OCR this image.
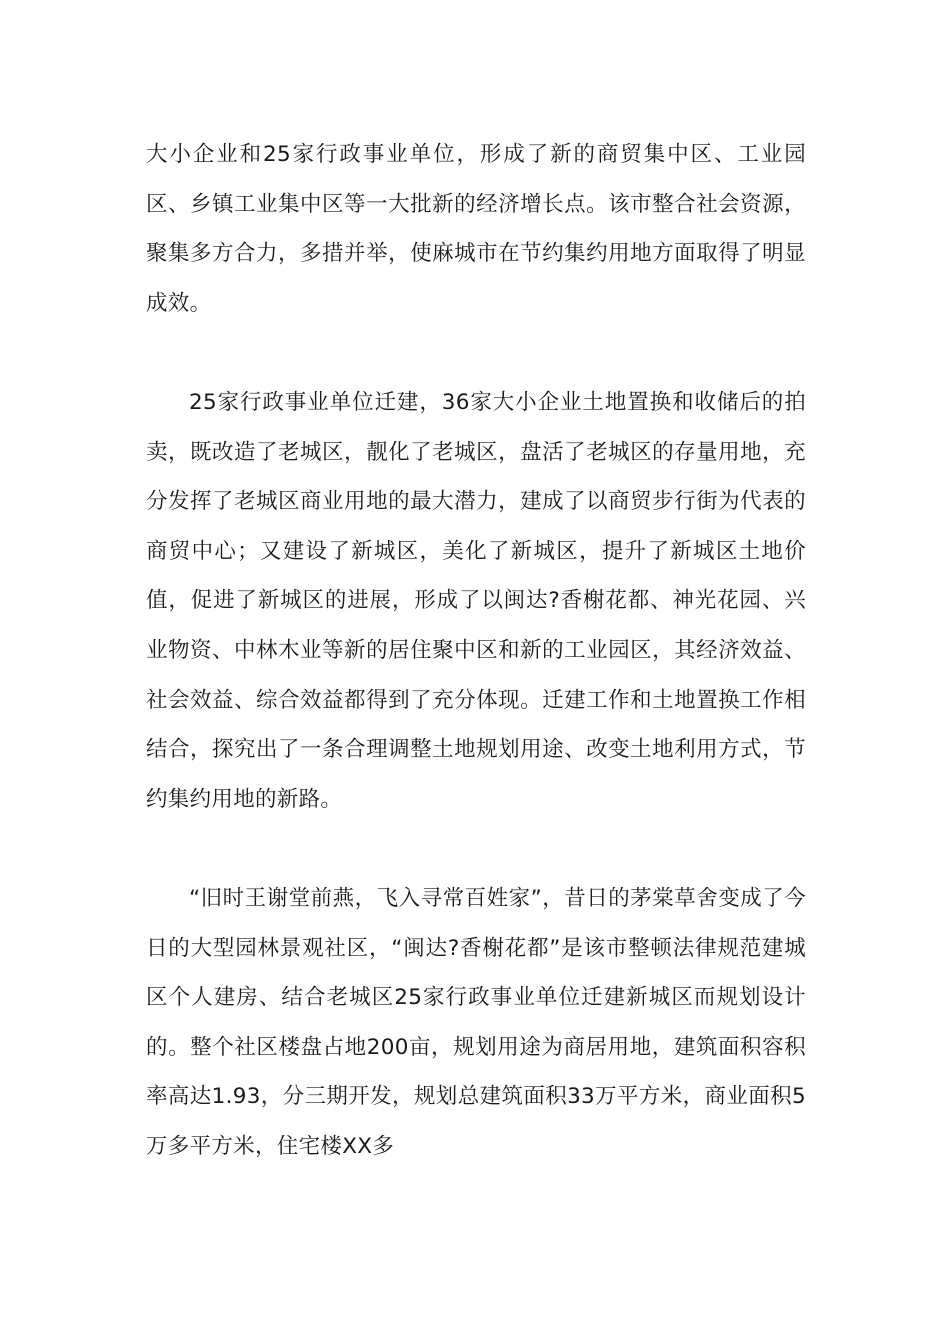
大小企业和25家行政事业单位，形成了新的商贸集中区、工业园区、乡镇工业集中区等一大批新的经济增长点。该市整合社会资源，聚集多方合力，多措并举，使麻城市在节约集约用地方面取得了明显成效。

25家行政事业单位迁建，36家大小企业土地置换和收储后的拍卖，既改造了老城区，靓化了老城区，盘活了老城区的存量用地，充分发挥了老城区商业用地的最大潜力，建成了以商贸步行街为代表的商贸中心；又建设了新城区，美化了新城区，提升了新城区土地价值，促进了新城区的进展，形成了以闽达?香榭花都、神光花园、兴业物资、中林木业等新的居住聚中区和新的工业园区，其经济效益、社会效益、综合效益都得到了充分体现。迁建工作和土地置换工作相结合，探究出了一条合理调整土地规划用途、改变土地利用方式，节约集约用地的新路。

“旧时王谢堂前燕，飞入寻常百姓家”，昔日的茅棠草舍变成了今日的大型园林景观社区，“闽达?香榭花都”是该市整顿法律规范建城区个人建房、结合老城区25家行政事业单位迁建新城区而规划设计的。整个社区楼盘占地200亩，规划用途为商居用地，建筑面积容积率高达1.93，分三期开发，规划总建筑面积33万平方米，商业面积5万多平方米，住宅楼XX多
